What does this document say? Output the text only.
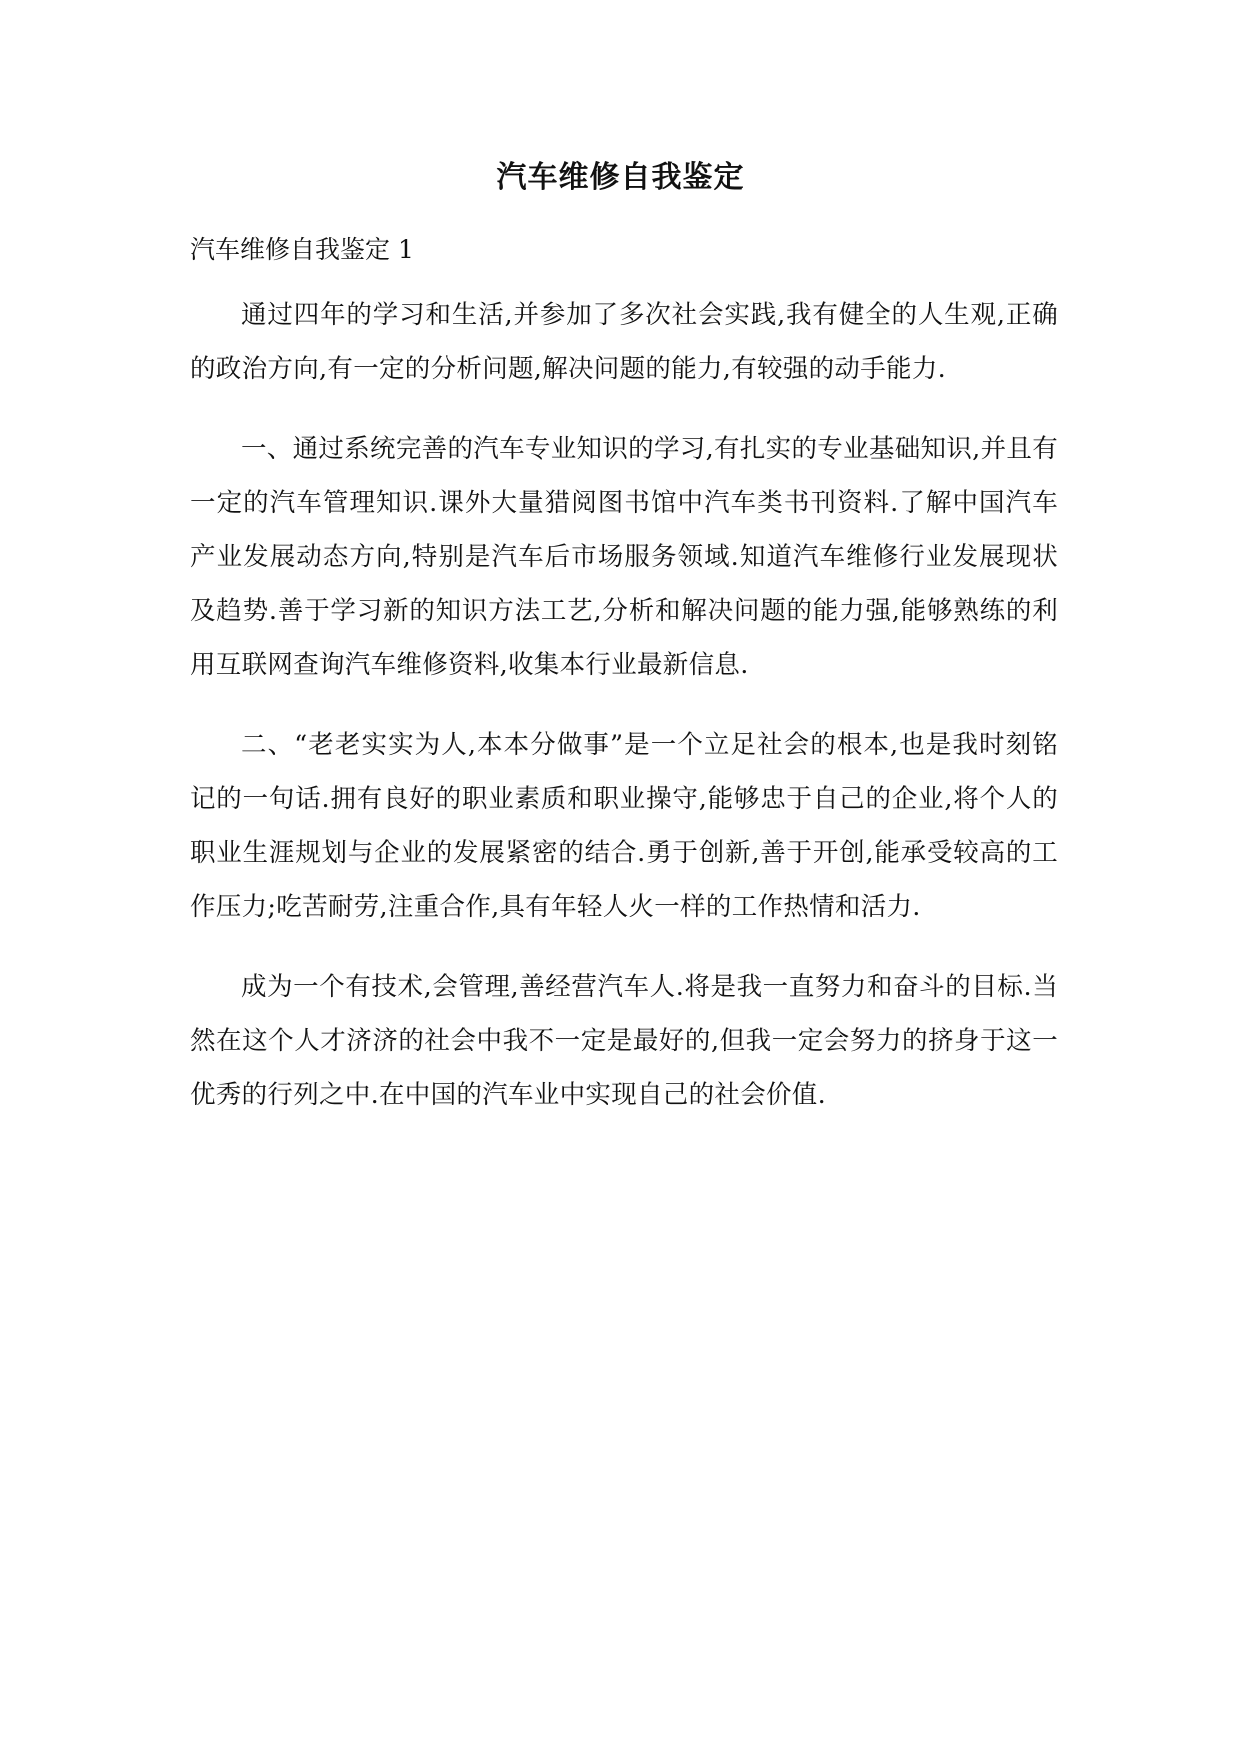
汽车维修自我鉴定

汽车维修自我鉴定 1

通过四年的学习和生活,并参加了多次社会实践,我有健全的人生观,正确的政治方向,有一定的分析问题,解决问题的能力,有较强的动手能力.

一、通过系统完善的汽车专业知识的学习,有扎实的专业基础知识,并且有一定的汽车管理知识.课外大量猎阅图书馆中汽车类书刊资料.了解中国汽车产业发展动态方向,特别是汽车后市场服务领域.知道汽车维修行业发展现状及趋势.善于学习新的知识方法工艺,分析和解决问题的能力强,能够熟练的利用互联网查询汽车维修资料,收集本行业最新信息.

二、“老老实实为人,本本分做事”是一个立足社会的根本,也是我时刻铭记的一句话.拥有良好的职业素质和职业操守,能够忠于自己的企业,将个人的职业生涯规划与企业的发展紧密的结合.勇于创新,善于开创,能承受较高的工作压力;吃苦耐劳,注重合作,具有年轻人火一样的工作热情和活力.

成为一个有技术,会管理,善经营汽车人.将是我一直努力和奋斗的目标.当然在这个人才济济的社会中我不一定是最好的,但我一定会努力的挤身于这一优秀的行列之中.在中国的汽车业中实现自己的社会价值.
